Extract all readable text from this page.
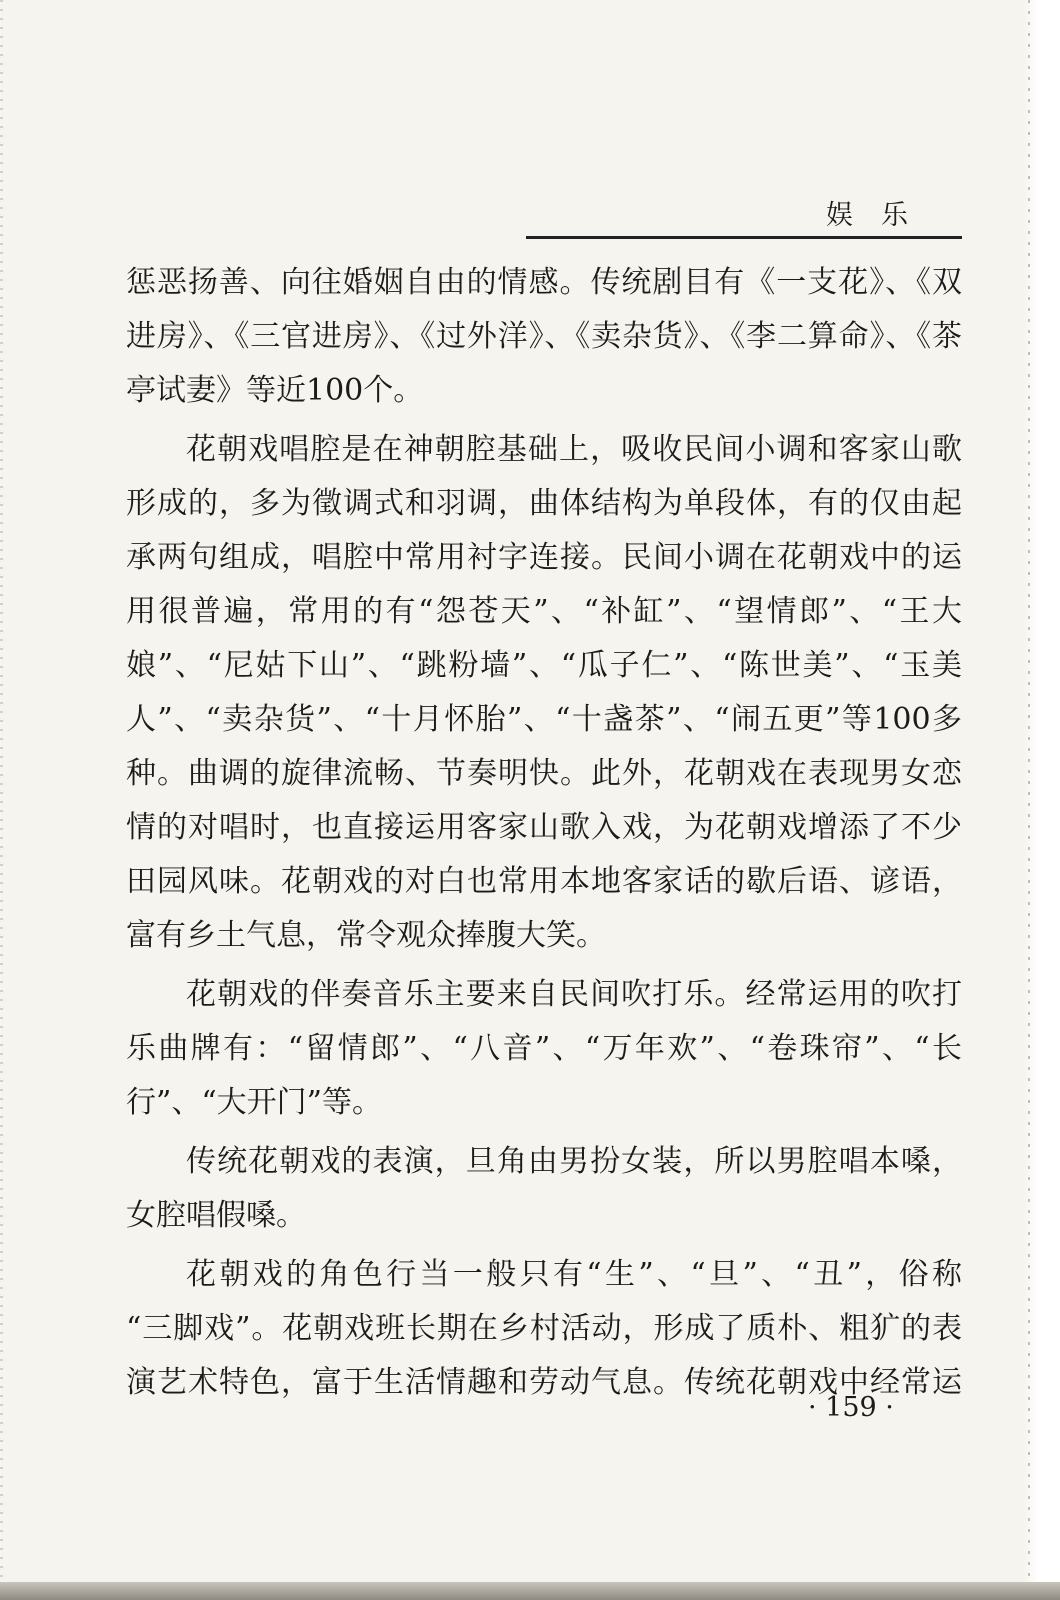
娱乐
惩恶扬善、向往婚姻自由的情感。传统剧目有《一支花》、《双
进房》、《三官进房》、《过外洋》、《卖杂货》、《李二算命》、《茶
亭试妻》等近100个。
花朝戏唱腔是在神朝腔基础上，吸收民间小调和客家山歌
形成的，多为徵调式和羽调，曲体结构为单段体，有的仅由起
承两句组成，唱腔中常用衬字连接。民间小调在花朝戏中的运
用很普遍，常用的有“怨苍天”、“补缸”、“望情郎”、“王大
娘”、“尼姑下山”、“跳粉墙”、“瓜子仁”、“陈世美”、“玉美
人”、“卖杂货”、“十月怀胎”、“十盏茶”、“闹五更”等100多
种。曲调的旋律流畅、节奏明快。此外，花朝戏在表现男女恋
情的对唱时，也直接运用客家山歌入戏，为花朝戏增添了不少
田园风味。花朝戏的对白也常用本地客家话的歇后语、谚语，
富有乡土气息，常令观众捧腹大笑。
花朝戏的伴奏音乐主要来自民间吹打乐。经常运用的吹打
乐曲牌有：“留情郎”、“八音”、“万年欢”、“卷珠帘”、“长
行”、“大开门”等。
传统花朝戏的表演，旦角由男扮女装，所以男腔唱本嗓，
女腔唱假嗓。
花朝戏的角色行当一般只有“生”、“旦”、“丑”，俗称
“三脚戏”。花朝戏班长期在乡村活动，形成了质朴、粗犷的表
演艺术特色，富于生活情趣和劳动气息。传统花朝戏中经常运
· 159 ·
